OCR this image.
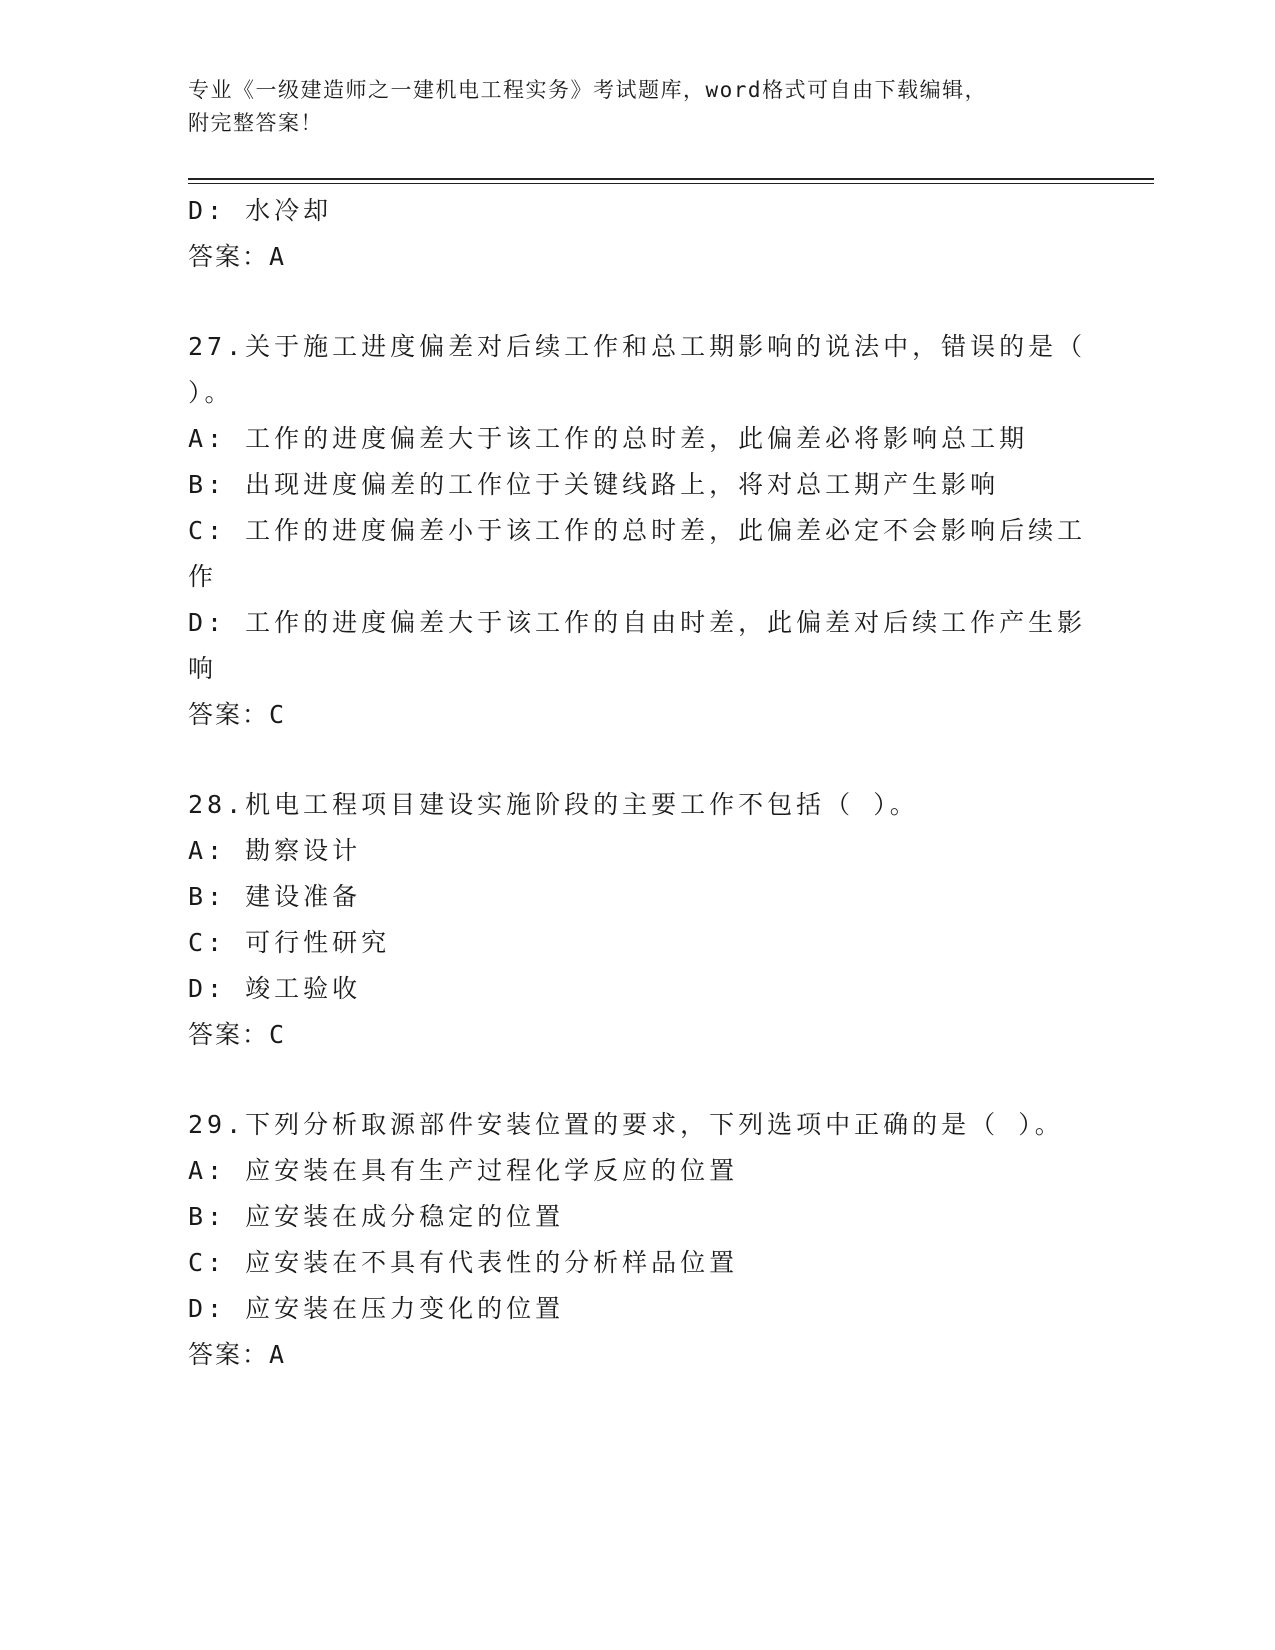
专业《一级建造师之一建机电工程实务》考试题库，word格式可自由下载编辑，
附完整答案！
D: 水冷却
答案：A
27.关于施工进度偏差对后续工作和总工期影响的说法中，错误的是（
）。
A: 工作的进度偏差大于该工作的总时差，此偏差必将影响总工期
B: 出现进度偏差的工作位于关键线路上，将对总工期产生影响
C: 工作的进度偏差小于该工作的总时差，此偏差必定不会影响后续工
作
D: 工作的进度偏差大于该工作的自由时差，此偏差对后续工作产生影
响
答案：C
28.机电工程项目建设实施阶段的主要工作不包括（ ）。
A: 勘察设计
B: 建设准备
C: 可行性研究
D: 竣工验收
答案：C
29.下列分析取源部件安装位置的要求，下列选项中正确的是（ ）。
A: 应安装在具有生产过程化学反应的位置
B: 应安装在成分稳定的位置
C: 应安装在不具有代表性的分析样品位置
D: 应安装在压力变化的位置
答案：A
